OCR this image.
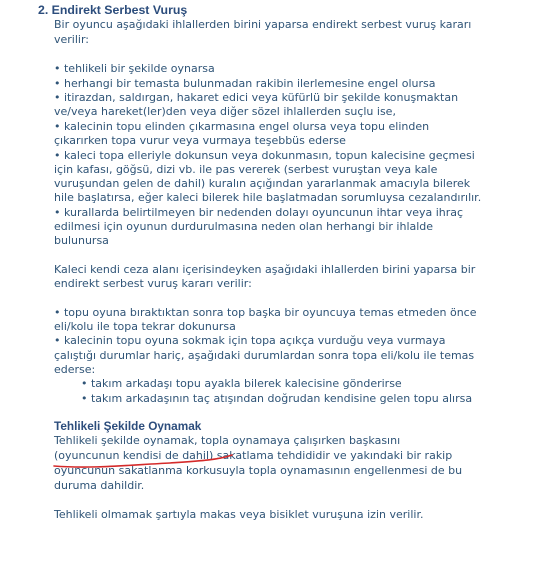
2. Endirekt Serbest Vuruş
Bir oyuncu aşağıdaki ihlallerden birini yaparsa endirekt serbest vuruş kararı
verilir:
• tehlikeli bir şekilde oynarsa
• herhangi bir temasta bulunmadan rakibin ilerlemesine engel olursa
• itirazdan, saldırgan, hakaret edici veya küfürlü bir şekilde konuşmaktan
ve/veya hareket(ler)den veya diğer sözel ihlallerden suçlu ise,
• kalecinin topu elinden çıkarmasına engel olursa veya topu elinden
çıkarırken topa vurur veya vurmaya teşebbüs ederse
• kaleci topa elleriyle dokunsun veya dokunmasın, topun kalecisine geçmesi
için kafası, göğsü, dizi vb. ile pas vererek (serbest vuruştan veya kale
vuruşundan gelen de dahil) kuralın açığından yararlanmak amacıyla bilerek
hile başlatırsa, eğer kaleci bilerek hile başlatmadan sorumluysa cezalandırılır.
• kurallarda belirtilmeyen bir nedenden dolayı oyuncunun ihtar veya ihraç
edilmesi için oyunun durdurulmasına neden olan herhangi bir ihlalde
bulunursa
Kaleci kendi ceza alanı içerisindeyken aşağıdaki ihlallerden birini yaparsa bir
endirekt serbest vuruş kararı verilir:
• topu oyuna bıraktıktan sonra top başka bir oyuncuya temas etmeden önce
eli/kolu ile topa tekrar dokunursa
• kalecinin topu oyuna sokmak için topa açıkça vurduğu veya vurmaya
çalıştığı durumlar hariç, aşağıdaki durumlardan sonra topa eli/kolu ile temas
ederse:
• takım arkadaşı topu ayakla bilerek kalecisine gönderirse
• takım arkadaşının taç atışından doğrudan kendisine gelen topu alırsa
Tehlikeli Şekilde Oynamak
Tehlikeli şekilde oynamak, topla oynamaya çalışırken başkasını
(oyuncunun kendisi de dahil) sakatlama tehdididir ve yakındaki bir rakip
oyuncunun sakatlanma korkusuyla topla oynamasının engellenmesi de bu
duruma dahildir.
Tehlikeli olmamak şartıyla makas veya bisiklet vuruşuna izin verilir.
